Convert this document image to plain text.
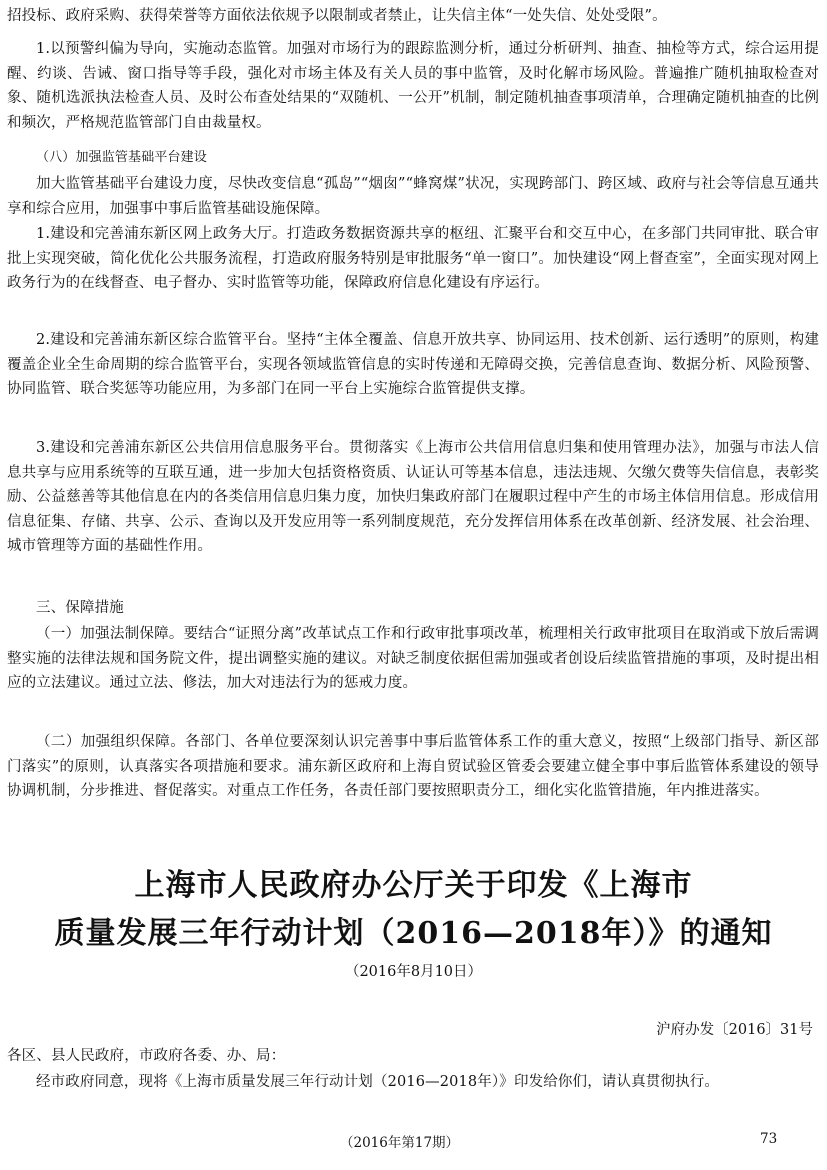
招投标、政府采购、获得荣誉等方面依法依规予以限制或者禁止，让失信主体“一处失信、处处受限”。

1.以预警纠偏为导向，实施动态监管。加强对市场行为的跟踪监测分析，通过分析研判、抽查、抽检等方式，综合运用提醒、约谈、告诫、窗口指导等手段，强化对市场主体及有关人员的事中监管，及时化解市场风险。普遍推广随机抽取检查对象、随机选派执法检查人员、及时公布查处结果的“双随机、一公开”机制，制定随机抽查事项清单，合理确定随机抽查的比例和频次，严格规范监管部门自由裁量权。

（八）加强监管基础平台建设

加大监管基础平台建设力度，尽快改变信息“孤岛”“烟囱”“蜂窝煤”状况，实现跨部门、跨区域、政府与社会等信息互通共享和综合应用，加强事中事后监管基础设施保障。

1.建设和完善浦东新区网上政务大厅。打造政务数据资源共享的枢纽、汇聚平台和交互中心，在多部门共同审批、联合审批上实现突破，简化优化公共服务流程，打造政府服务特别是审批服务“单一窗口”。加快建设“网上督查室”，全面实现对网上政务行为的在线督查、电子督办、实时监管等功能，保障政府信息化建设有序运行。

2.建设和完善浦东新区综合监管平台。坚持“主体全覆盖、信息开放共享、协同运用、技术创新、运行透明”的原则，构建覆盖企业全生命周期的综合监管平台，实现各领域监管信息的实时传递和无障碍交换，完善信息查询、数据分析、风险预警、协同监管、联合奖惩等功能应用，为多部门在同一平台上实施综合监管提供支撑。

3.建设和完善浦东新区公共信用信息服务平台。贯彻落实《上海市公共信用信息归集和使用管理办法》，加强与市法人信息共享与应用系统等的互联互通，进一步加大包括资格资质、认证认可等基本信息，违法违规、欠缴欠费等失信信息，表彰奖励、公益慈善等其他信息在内的各类信用信息归集力度，加快归集政府部门在履职过程中产生的市场主体信用信息。形成信用信息征集、存储、共享、公示、查询以及开发应用等一系列制度规范，充分发挥信用体系在改革创新、经济发展、社会治理、城市管理等方面的基础性作用。

三、保障措施

（一）加强法制保障。要结合“证照分离”改革试点工作和行政审批事项改革，梳理相关行政审批项目在取消或下放后需调整实施的法律法规和国务院文件，提出调整实施的建议。对缺乏制度依据但需加强或者创设后续监管措施的事项，及时提出相应的立法建议。通过立法、修法，加大对违法行为的惩戒力度。

（二）加强组织保障。各部门、各单位要深刻认识完善事中事后监管体系工作的重大意义，按照“上级部门指导、新区部门落实”的原则，认真落实各项措施和要求。浦东新区政府和上海自贸试验区管委会要建立健全事中事后监管体系建设的领导协调机制，分步推进、督促落实。对重点工作任务，各责任部门要按照职责分工，细化实化监管措施，年内推进落实。

上海市人民政府办公厅关于印发《上海市
质量发展三年行动计划（2016—2018年）》的通知
（2016年8月10日）
沪府办发〔2016〕31号

各区、县人民政府，市政府各委、办、局：

经市政府同意，现将《上海市质量发展三年行动计划（2016—2018年）》印发给你们，请认真贯彻执行。

（2016年第17期）	73
